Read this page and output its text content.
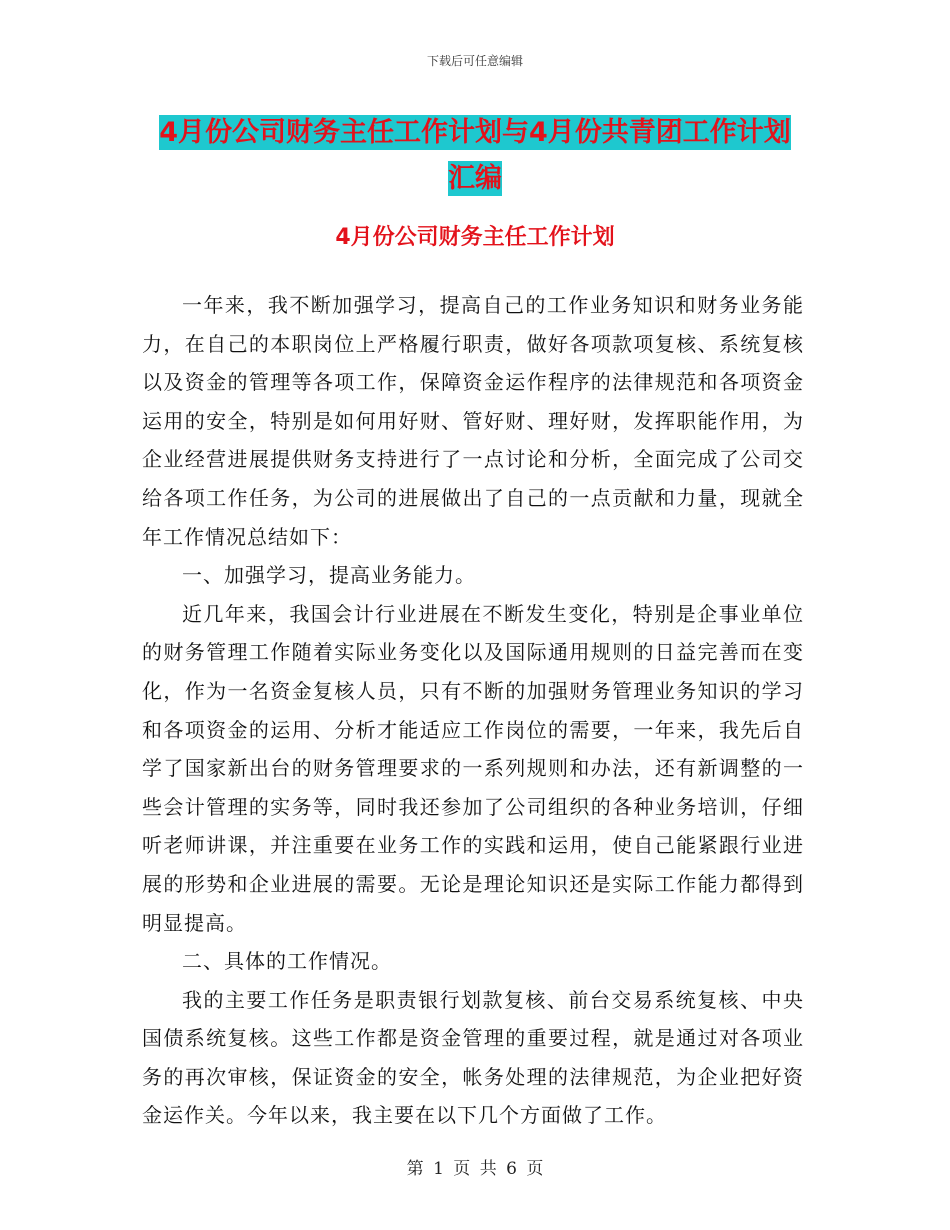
下载后可任意编辑
4月份公司财务主任工作计划与4月份共青团工作计划
汇编
4月份公司财务主任工作计划

一年来，我不断加强学习，提高自己的工作业务知识和财务业务能力，在自己的本职岗位上严格履行职责，做好各项款项复核、系统复核以及资金的管理等各项工作，保障资金运作程序的法律规范和各项资金运用的安全，特别是如何用好财、管好财、理好财，发挥职能作用，为企业经营进展提供财务支持进行了一点讨论和分析，全面完成了公司交给各项工作任务，为公司的进展做出了自己的一点贡献和力量，现就全年工作情况总结如下：

一、加强学习，提高业务能力。

近几年来，我国会计行业进展在不断发生变化，特别是企事业单位的财务管理工作随着实际业务变化以及国际通用规则的日益完善而在变化，作为一名资金复核人员，只有不断的加强财务管理业务知识的学习和各项资金的运用、分析才能适应工作岗位的需要，一年来，我先后自学了国家新出台的财务管理要求的一系列规则和办法，还有新调整的一些会计管理的实务等，同时我还参加了公司组织的各种业务培训，仔细听老师讲课，并注重要在业务工作的实践和运用，使自己能紧跟行业进展的形势和企业进展的需要。无论是理论知识还是实际工作能力都得到明显提高。

二、具体的工作情况。

我的主要工作任务是职责银行划款复核、前台交易系统复核、中央国债系统复核。这些工作都是资金管理的重要过程，就是通过对各项业务的再次审核，保证资金的安全，帐务处理的法律规范，为企业把好资金运作关。今年以来，我主要在以下几个方面做了工作。

第 1 页 共 6 页
